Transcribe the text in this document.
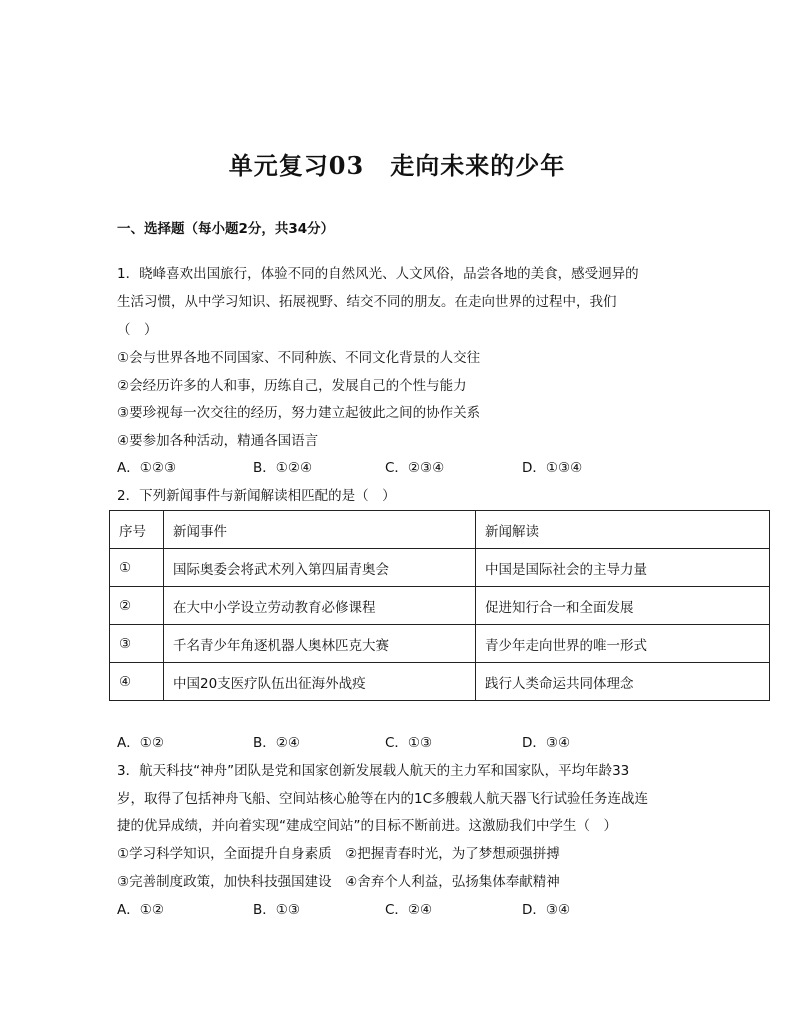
单元复习03 走向未来的少年
一、选择题（每小题2分，共34分）
1．晓峰喜欢出国旅行，体验不同的自然风光、人文风俗，品尝各地的美食，感受迥异的
生活习惯，从中学习知识、拓展视野、结交不同的朋友。在走向世界的过程中，我们
（　）
①会与世界各地不同国家、不同种族、不同文化背景的人交往
②会经历许多的人和事，历练自己，发展自己的个性与能力
③要珍视每一次交往的经历，努力建立起彼此之间的协作关系
④要参加各种活动，精通各国语言
A．①②③	B．①②④	C．②③④	D．①③④
2．下列新闻事件与新闻解读相匹配的是（　）
序号	新闻事件	新闻解读
①	国际奥委会将武术列入第四届青奥会	中国是国际社会的主导力量
②	在大中小学设立劳动教育必修课程	促进知行合一和全面发展
③	千名青少年角逐机器人奥林匹克大赛	青少年走向世界的唯一形式
④	中国20支医疗队伍出征海外战疫	践行人类命运共同体理念
A．①②	B．②④	C．①③	D．③④
3．航天科技“神舟”团队是党和国家创新发展载人航天的主力军和国家队，平均年龄33
岁，取得了包括神舟飞船、空间站核心舱等在内的1C多艘载人航天器飞行试验任务连战连
捷的优异成绩，并向着实现“建成空间站”的目标不断前进。这激励我们中学生（　）
①学习科学知识，全面提升自身素质　②把握青春时光，为了梦想顽强拼搏
③完善制度政策，加快科技强国建设　④舍弃个人利益，弘扬集体奉献精神
A．①②	B．①③	C．②④	D．③④
